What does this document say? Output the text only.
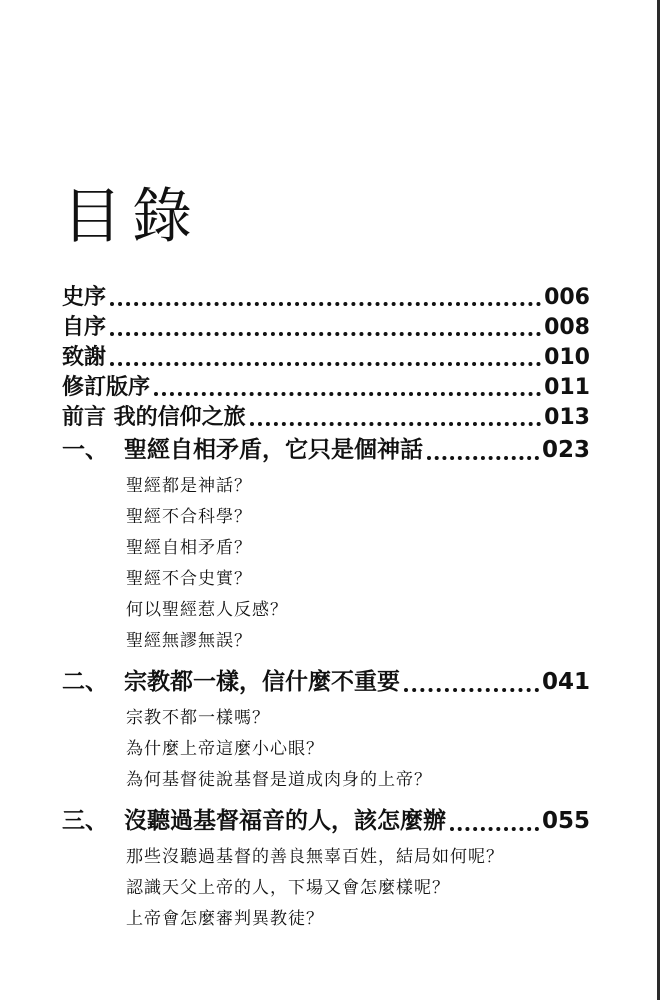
目錄
史序	006
自序	008
致謝	010
修訂版序	011
前言 我的信仰之旅	013
一、 聖經自相矛盾，它只是個神話	023
聖經都是神話？
聖經不合科學？
聖經自相矛盾？
聖經不合史實？
何以聖經惹人反感？
聖經無謬無誤？
二、 宗教都一樣，信什麼不重要	041
宗教不都一樣嗎？
為什麼上帝這麼小心眼？
為何基督徒說基督是道成肉身的上帝？
三、 沒聽過基督福音的人，該怎麼辦	055
那些沒聽過基督的善良無辜百姓，結局如何呢？
認識天父上帝的人，下場又會怎麼樣呢？
上帝會怎麼審判異教徒？
